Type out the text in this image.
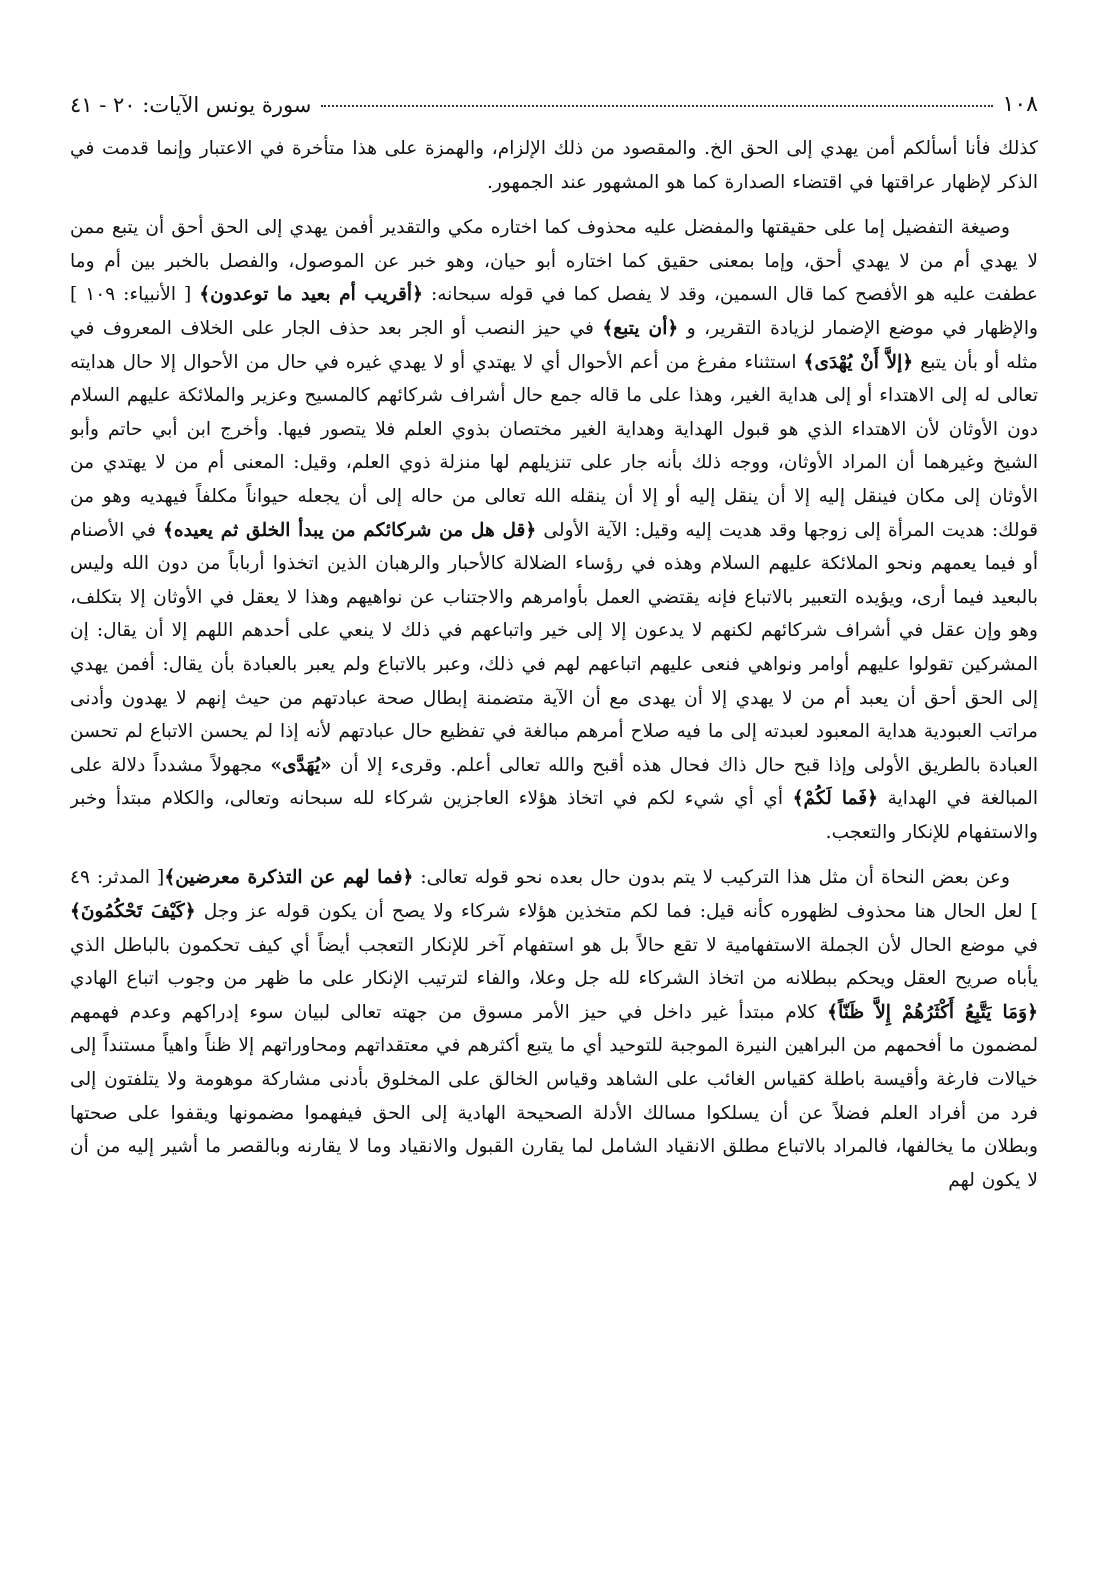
١٠٨
سورة يونس الآيات: ٢٠ - ٤١

كذلك فأنا أسألكم أمن يهدي إلى الحق الخ. والمقصود من ذلك الإلزام، والهمزة على هذا متأخرة في الاعتبار وإنما قدمت في الذكر لإظهار عراقتها في اقتضاء الصدارة كما هو المشهور عند الجمهور.

وصيغة التفضيل إما على حقيقتها والمفضل عليه محذوف كما اختاره مكي والتقدير أفمن يهدي إلى الحق أحق أن يتبع ممن لا يهدي أم من لا يهدي أحق، وإما بمعنى حقيق كما اختاره أبو حيان، وهو خبر عن الموصول، والفصل بالخبر بين أم وما عطفت عليه هو الأفصح كما قال السمين، وقد لا يفصل كما في قوله سبحانه: ﴿أقريب أم بعيد ما توعدون﴾ [ الأنبياء: ١٠٩ ] والإظهار في موضع الإضمار لزيادة التقرير، و ﴿أن يتبع﴾ في حيز النصب أو الجر بعد حذف الجار على الخلاف المعروف في مثله أو بأن يتبع ﴿إلاَّ أَنْ يُهْدَى﴾ استثناء مفرغ من أعم الأحوال أي لا يهتدي أو لا يهدي غيره في حال من الأحوال إلا حال هدايته تعالى له إلى الاهتداء أو إلى هداية الغير، وهذا على ما قاله جمع حال أشراف شركائهم كالمسيح وعزير والملائكة عليهم السلام دون الأوثان لأن الاهتداء الذي هو قبول الهداية وهداية الغير مختصان بذوي العلم فلا يتصور فيها. وأخرج ابن أبي حاتم وأبو الشيخ وغيرهما أن المراد الأوثان، ووجه ذلك بأنه جار على تنزيلهم لها منزلة ذوي العلم، وقيل: المعنى أم من لا يهتدي من الأوثان إلى مكان فينقل إليه إلا أن ينقل إليه أو إلا أن ينقله الله تعالى من حاله إلى أن يجعله حيواناً مكلفاً فيهديه وهو من قولك: هديت المرأة إلى زوجها وقد هديت إليه وقيل: الآية الأولى ﴿قل هل من شركائكم من يبدأ الخلق ثم يعيده﴾ في الأصنام أو فيما يعمهم ونحو الملائكة عليهم السلام وهذه في رؤساء الضلالة كالأحبار والرهبان الذين اتخذوا أرباباً من دون الله وليس بالبعيد فيما أرى، ويؤيده التعبير بالاتباع فإنه يقتضي العمل بأوامرهم والاجتناب عن نواهيهم وهذا لا يعقل في الأوثان إلا بتكلف، وهو وإن عقل في أشراف شركائهم لكنهم لا يدعون إلا إلى خير واتباعهم في ذلك لا ينعي على أحدهم اللهم إلا أن يقال: إن المشركين تقولوا عليهم أوامر ونواهي فنعى عليهم اتباعهم لهم في ذلك، وعبر بالاتباع ولم يعبر بالعبادة بأن يقال: أفمن يهدي إلى الحق أحق أن يعبد أم من لا يهدي إلا أن يهدى مع أن الآية متضمنة إبطال صحة عبادتهم من حيث إنهم لا يهدون وأدنى مراتب العبودية هداية المعبود لعبدته إلى ما فيه صلاح أمرهم مبالغة في تفظيع حال عبادتهم لأنه إذا لم يحسن الاتباع لم تحسن العبادة بالطريق الأولى وإذا قبح حال ذاك فحال هذه أقبح والله تعالى أعلم. وقرىء إلا أن «يُهَدَّى» مجهولاً مشدداً دلالة على المبالغة في الهداية ﴿فَما لَكُمْ﴾ أي أي شيء لكم في اتخاذ هؤلاء العاجزين شركاء لله سبحانه وتعالى، والكلام مبتدأ وخبر والاستفهام للإنكار والتعجب.

وعن بعض النحاة أن مثل هذا التركيب لا يتم بدون حال بعده نحو قوله تعالى: ﴿فما لهم عن التذكرة معرضين﴾[ المدثر: ٤٩ ] لعل الحال هنا محذوف لظهوره كأنه قيل: فما لكم متخذين هؤلاء شركاء ولا يصح أن يكون قوله عز وجل ﴿كَيْفَ تَحْكُمُونَ﴾ في موضع الحال لأن الجملة الاستفهامية لا تقع حالاً بل هو استفهام آخر للإنكار التعجب أيضاً أي كيف تحكمون بالباطل الذي يأباه صريح العقل ويحكم ببطلانه من اتخاذ الشركاء لله جل وعلا، والفاء لترتيب الإنكار على ما ظهر من وجوب اتباع الهادي ﴿وَمَا يَتَّبِعُ أَكْثَرُهُمْ إِلاَّ ظَنّاً﴾ كلام مبتدأ غير داخل في حيز الأمر مسوق من جهته تعالى لبيان سوء إدراكهم وعدم فهمهم لمضمون ما أفحمهم من البراهين النيرة الموجبة للتوحيد أي ما يتبع أكثرهم في معتقداتهم ومحاوراتهم إلا ظناً واهياً مستنداً إلى خيالات فارغة وأقيسة باطلة كقياس الغائب على الشاهد وقياس الخالق على المخلوق بأدنى مشاركة موهومة ولا يتلفتون إلى فرد من أفراد العلم فضلاً عن أن يسلكوا مسالك الأدلة الصحيحة الهادية إلى الحق فيفهموا مضمونها ويقفوا على صحتها وبطلان ما يخالفها، فالمراد بالاتباع مطلق الانقياد الشامل لما يقارن القبول والانقياد وما لا يقارنه وبالقصر ما أشير إليه من أن لا يكون لهم
